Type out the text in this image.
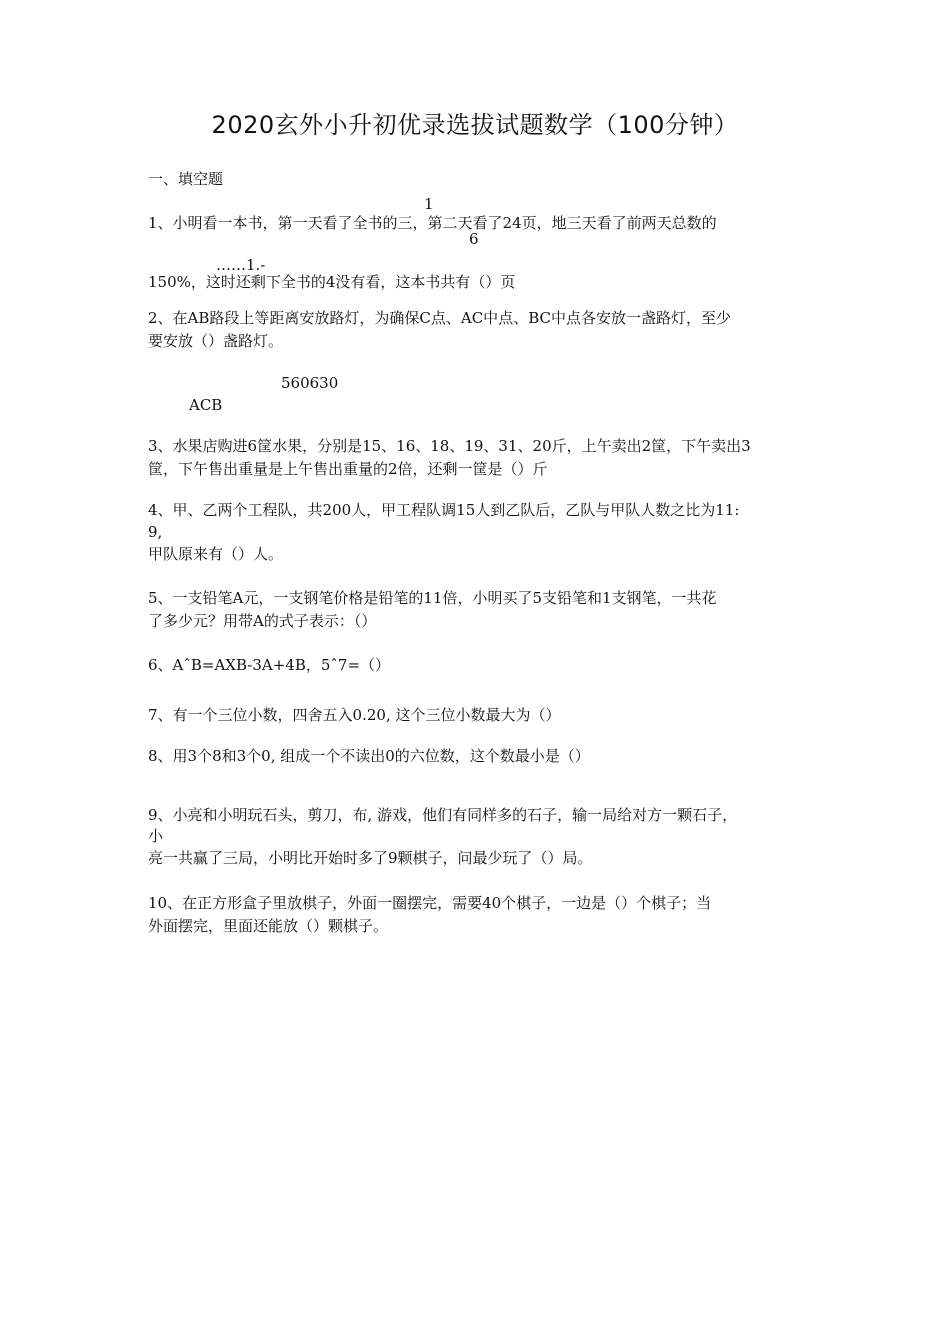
2020玄外小升初优录选拔试题数学（100分钟）
一、填空题
1
1、小明看一本书，第一天看了全书的三，第二天看了24页，地三天看了前两天总数的
6
……1.-
150%，这时还剩下全书的4没有看，这本书共有（）页
2、在AB路段上等距离安放路灯，为确保C点、AC中点、BC中点各安放一盏路灯，至少
要安放（）盏路灯。
560630
ACB
3、水果店购进6筐水果，分别是15、16、18、19、31、20斤，上午卖出2筐，下午卖出3
筐，下午售出重量是上午售出重量的2倍，还剩一筐是（）斤
4、甲、乙两个工程队，共200人，甲工程队调15人到乙队后，乙队与甲队人数之比为11:
9,
甲队原来有（）人。
5、一支铅笔A元，一支钢笔价格是铅笔的11倍，小明买了5支铅笔和1支钢笔，一共花
了多少元？用带A的式子表示：（）
6、AˆB=AXB-3A+4B，5ˆ7=（）
7、有一个三位小数，四舍五入0.20, 这个三位小数最大为（）
8、用3个8和3个0, 组成一个不读出0的六位数，这个数最小是（）
9、小亮和小明玩石头，剪刀，布, 游戏，他们有同样多的石子，输一局给对方一颗石子，
小
亮一共赢了三局，小明比开始时多了9颗棋子，问最少玩了（）局。
10、在正方形盒子里放棋子，外面一圈摆完，需要40个棋子，一边是（）个棋子；当
外面摆完，里面还能放（）颗棋子。
